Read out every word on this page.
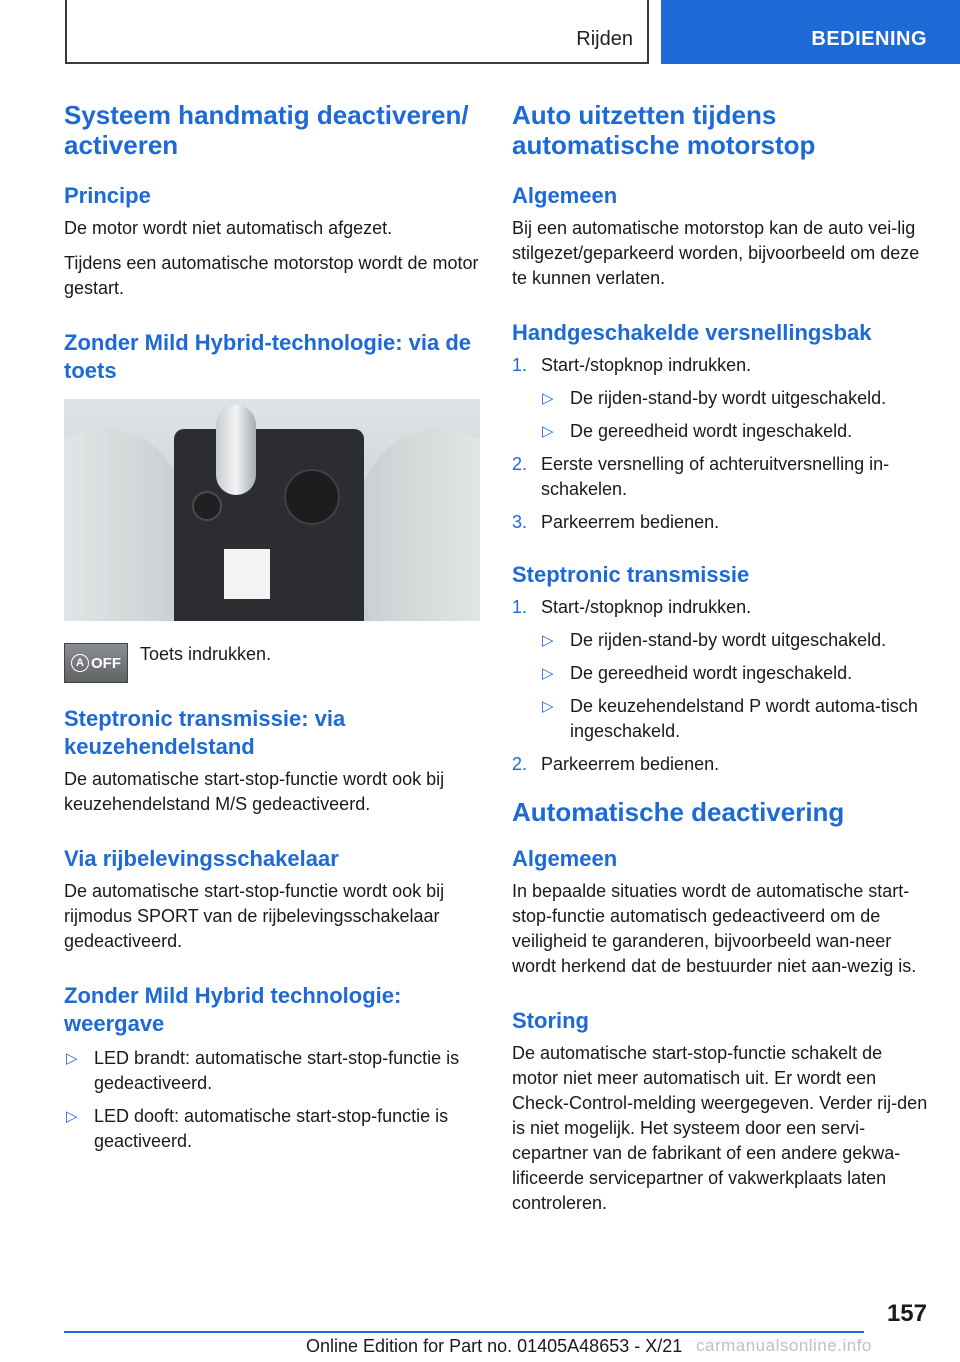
Rijden	BEDIENING
Systeem handmatig deactiveren/ activeren
Principe
De motor wordt niet automatisch afgezet.
Tijdens een automatische motorstop wordt de motor gestart.
Zonder Mild Hybrid-technologie: via de toets
A OFF	Toets indrukken.
Steptronic transmissie: via keuzehendelstand
De automatische start-stop-functie wordt ook bij keuzehendelstand M/S gedeactiveerd.
Via rijbelevingsschakelaar
De automatische start-stop-functie wordt ook bij rijmodus SPORT van de rijbelevingsschakelaar gedeactiveerd.
Zonder Mild Hybrid technologie: weergave
▷ LED brandt: automatische start-stop-functie is gedeactiveerd.
▷ LED dooft: automatische start-stop-functie is geactiveerd.
Auto uitzetten tijdens automatische motorstop
Algemeen
Bij een automatische motorstop kan de auto vei-lig stilgezet/geparkeerd worden, bijvoorbeeld om deze te kunnen verlaten.
Handgeschakelde versnellingsbak
1. Start-/stopknop indrukken.
▷ De rijden-stand-by wordt uitgeschakeld.
▷ De gereedheid wordt ingeschakeld.
2. Eerste versnelling of achteruitversnelling in-schakelen.
3. Parkeerrem bedienen.
Steptronic transmissie
1. Start-/stopknop indrukken.
▷ De rijden-stand-by wordt uitgeschakeld.
▷ De gereedheid wordt ingeschakeld.
▷ De keuzehendelstand P wordt automa-tisch ingeschakeld.
2. Parkeerrem bedienen.
Automatische deactivering
Algemeen
In bepaalde situaties wordt de automatische start-stop-functie automatisch gedeactiveerd om de veiligheid te garanderen, bijvoorbeeld wan-neer wordt herkend dat de bestuurder niet aan-wezig is.
Storing
De automatische start-stop-functie schakelt de motor niet meer automatisch uit. Er wordt een Check-Control-melding weergegeven. Verder rij-den is niet mogelijk. Het systeem door een servi-cepartner van de fabrikant of een andere gekwa-lificeerde servicepartner of vakwerkplaats laten controleren.
157
Online Edition for Part no. 01405A48653 - X/21 carmanualsonline.info
